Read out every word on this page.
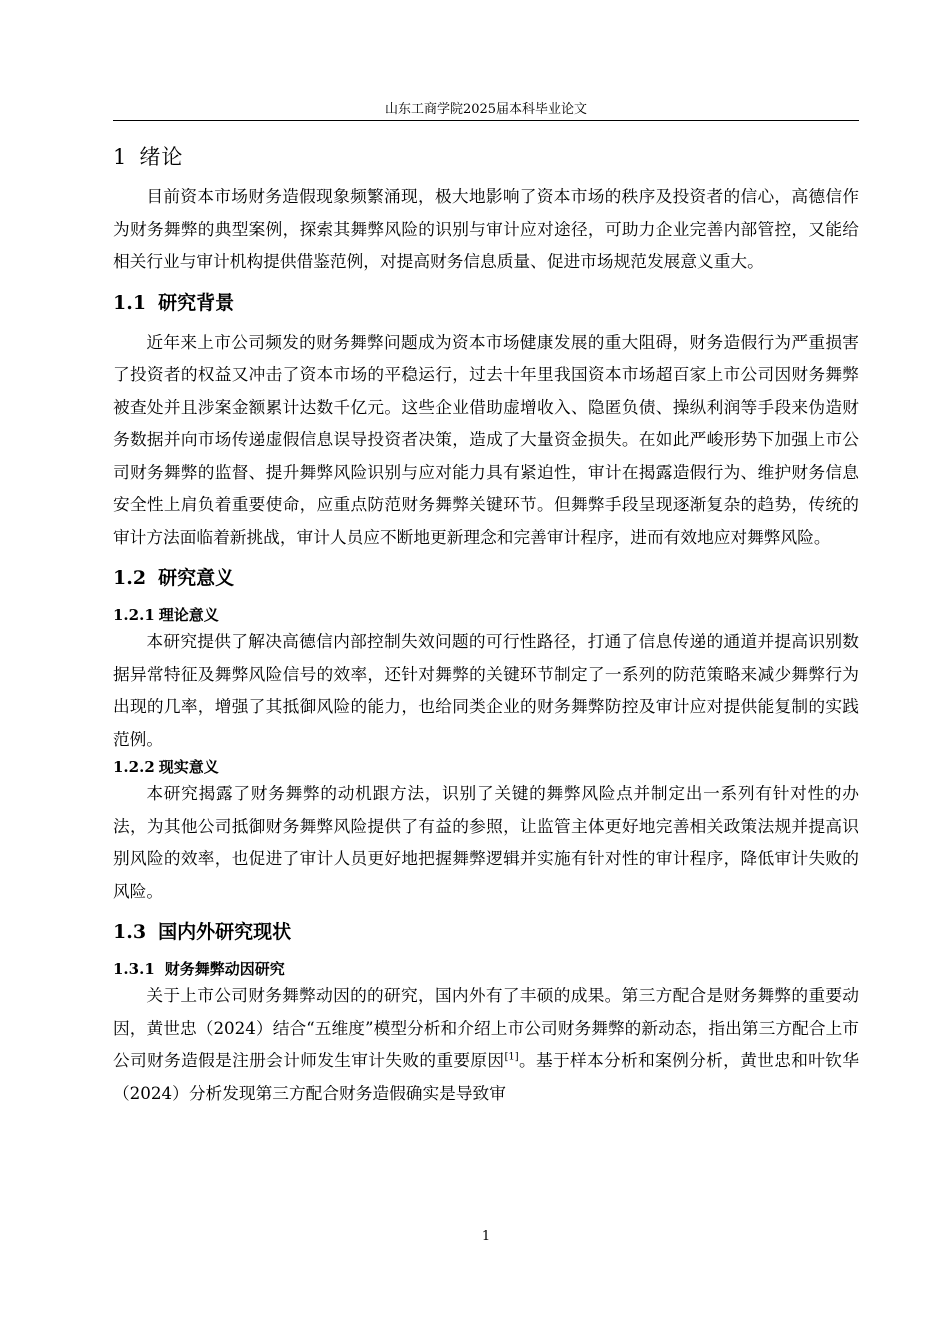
山东工商学院2025届本科毕业论文
1 绪论

目前资本市场财务造假现象频繁涌现，极大地影响了资本市场的秩序及投资者的信心，高德信作为财务舞弊的典型案例，探索其舞弊风险的识别与审计应对途径，可助力企业完善内部管控，又能给相关行业与审计机构提供借鉴范例，对提高财务信息质量、促进市场规范发展意义重大。

1.1 研究背景

近年来上市公司频发的财务舞弊问题成为资本市场健康发展的重大阻碍，财务造假行为严重损害了投资者的权益又冲击了资本市场的平稳运行，过去十年里我国资本市场超百家上市公司因财务舞弊被查处并且涉案金额累计达数千亿元。这些企业借助虚增收入、隐匿负债、操纵利润等手段来伪造财务数据并向市场传递虚假信息误导投资者决策，造成了大量资金损失。在如此严峻形势下加强上市公司财务舞弊的监督、提升舞弊风险识别与应对能力具有紧迫性，审计在揭露造假行为、维护财务信息安全性上肩负着重要使命，应重点防范财务舞弊关键环节。但舞弊手段呈现逐渐复杂的趋势，传统的审计方法面临着新挑战，审计人员应不断地更新理念和完善审计程序，进而有效地应对舞弊风险。

1.2 研究意义
1.2.1 理论意义

本研究提供了解决高德信内部控制失效问题的可行性路径，打通了信息传递的通道并提高识别数据异常特征及舞弊风险信号的效率，还针对舞弊的关键环节制定了一系列的防范策略来减少舞弊行为出现的几率，增强了其抵御风险的能力，也给同类企业的财务舞弊防控及审计应对提供能复制的实践范例。

1.2.2 现实意义

本研究揭露了财务舞弊的动机跟方法，识别了关键的舞弊风险点并制定出一系列有针对性的办法，为其他公司抵御财务舞弊风险提供了有益的参照，让监管主体更好地完善相关政策法规并提高识别风险的效率，也促进了审计人员更好地把握舞弊逻辑并实施有针对性的审计程序，降低审计失败的风险。

1.3 国内外研究现状
1.3.1 财务舞弊动因研究

关于上市公司财务舞弊动因的的研究，国内外有了丰硕的成果。第三方配合是财务舞弊的重要动因，黄世忠（2024）结合“五维度”模型分析和介绍上市公司财务舞弊的新动态，指出第三方配合上市公司财务造假是注册会计师发生审计失败的重要原因[1]。基于样本分析和案例分析，黄世忠和叶钦华（2024）分析发现第三方配合财务造假确实是导致审

1
